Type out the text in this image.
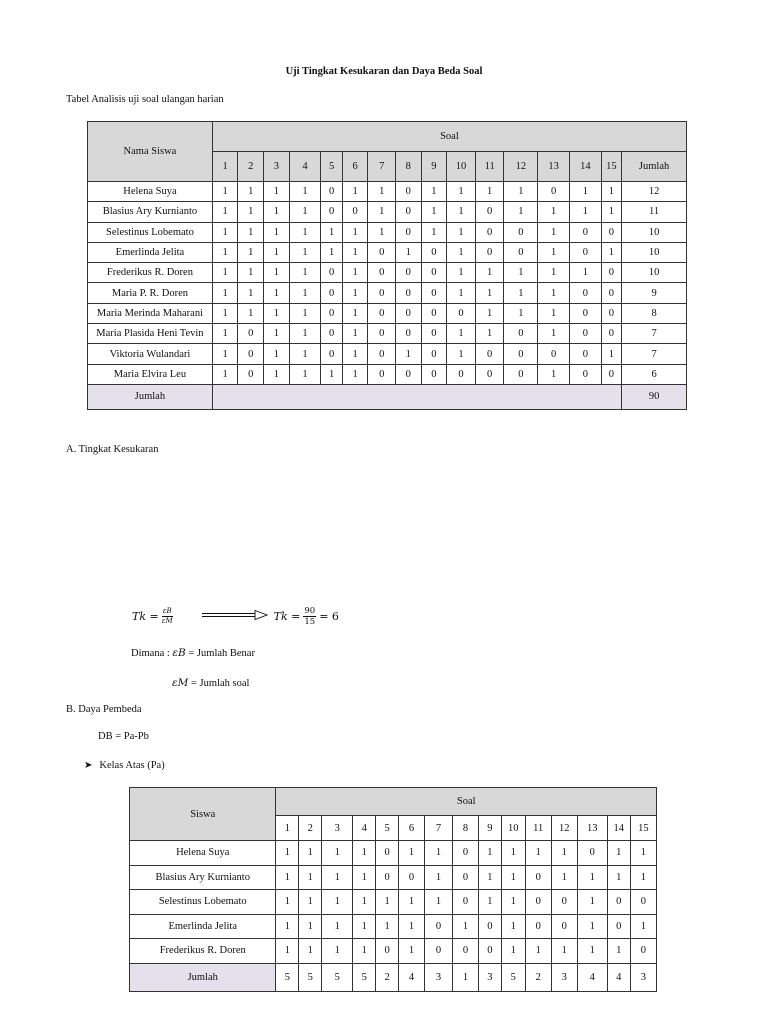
Uji Tingkat Kesukaran dan Daya Beda Soal
Tabel Analisis uji soal ulangan harian
Nama Siswa	Soal															
	1	2	3	4	5	6	7	8	9	10	11	12	13	14	15	Jumlah
Helena Suya	1	1	1	1	0	1	1	0	1	1	1	1	0	1	1	12
Blasius Ary Kurnianto	1	1	1	1	0	0	1	0	1	1	0	1	1	1	1	11
Selestinus Lobemato	1	1	1	1	1	1	1	0	1	1	0	0	1	0	0	10
Emerlinda Jelita	1	1	1	1	1	1	0	1	0	1	0	0	1	0	1	10
Frederikus R. Doren	1	1	1	1	0	1	0	0	0	1	1	1	1	1	0	10
Maria P. R. Doren	1	1	1	1	0	1	0	0	0	1	1	1	1	0	0	9
Maria Merinda Maharani	1	1	1	1	0	1	0	0	0	0	1	1	1	0	0	8
Maria Plasida Heni Tevin	1	0	1	1	0	1	0	0	0	1	1	0	1	0	0	7
Viktoria Wulandari	1	0	1	1	0	1	0	1	0	1	0	0	0	0	1	7
Maria Elvira Leu	1	0	1	1	1	1	0	0	0	0	0	0	1	0	0	6
Jumlah																90
A. Tingkat Kesukaran
$Tk = \frac{\varepsilon B}{\varepsilon M}$	$Tk = \frac{90}{15} = 6$
Dimana : εB = Jumlah Benar
εM = Jumlah soal
B. Daya Pembeda
DB = Pa-Pb
➤ Kelas Atas (Pa)
Siswa	Soal														
	1	2	3	4	5	6	7	8	9	10	11	12	13	14	15
Helena Suya	1	1	1	1	0	1	1	0	1	1	1	1	0	1	1
Blasius Ary Kurnianto	1	1	1	1	0	0	1	0	1	1	0	1	1	1	1
Selestinus Lobemato	1	1	1	1	1	1	1	0	1	1	0	0	1	0	0
Emerlinda Jelita	1	1	1	1	1	1	0	1	0	1	0	0	1	0	1
Frederikus R. Doren	1	1	1	1	0	1	0	0	0	1	1	1	1	1	0
Jumlah	5	5	5	5	2	4	3	1	3	5	2	3	4	4	3
